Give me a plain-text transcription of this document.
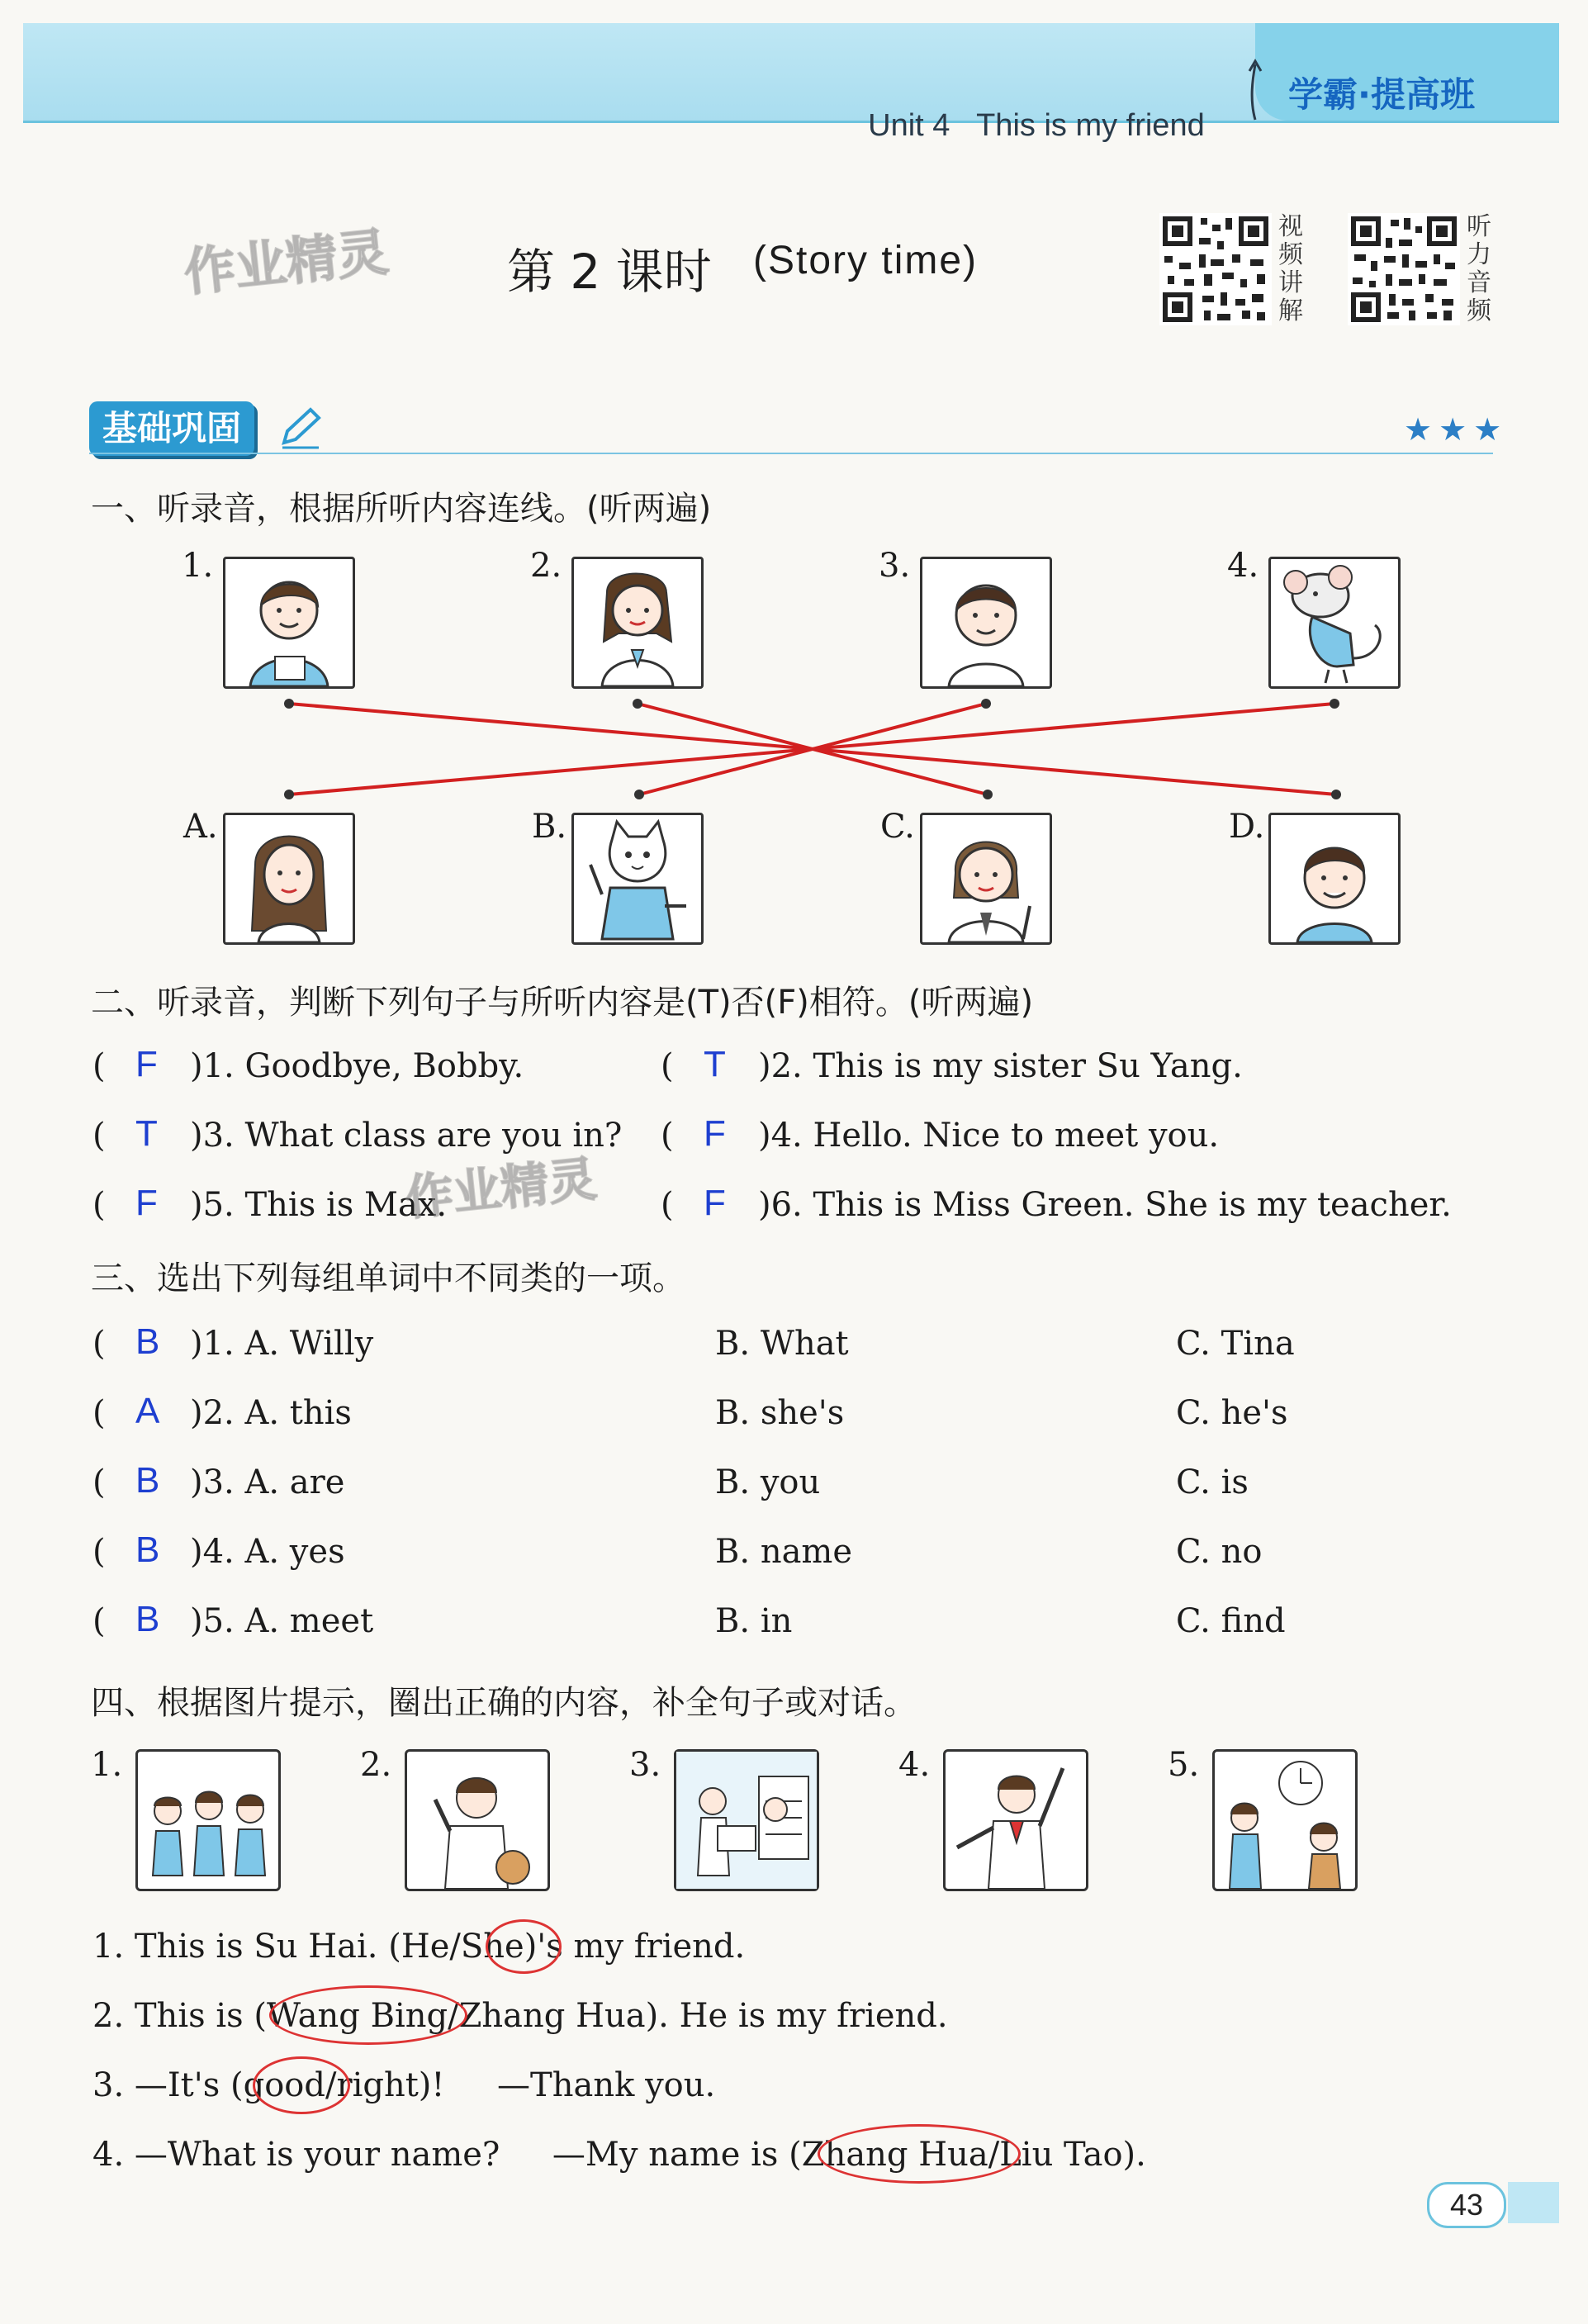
Unit 4 This is my friend

学霸·提高班
作业精灵 第 2 课时 (Story time)
视频讲解
听力音频
基础巩固	★★★
一、听录音，根据所听内容连线。(听两遍)
1.	2.	3.	4.
A.	B.	C.	D.
二、听录音，判断下列句子与所听内容是(T)否(F)相符。(听两遍)
( F )1. Goodbye, Bobby.	( T )2. This is my sister Su Yang.
( T )3. What class are you in? ( F )4. Hello. Nice to meet you.
( F )5. This is Max.	( F )6. This is Miss Green. She is my teacher.
作业精灵
三、选出下列每组单词中不同类的一项。
( B )1. A. Willy	B. What	C. Tina
( A )2. A. this	B. she's	C. he's
( B )3. A. are	B. you	C. is
( B )4. A. yes	B. name	C. no
( B )5. A. meet	B. in	C. find
四、根据图片提示，圈出正确的内容，补全句子或对话。
1.	2.	3.	4.	5.
1. This is Su Hai. (He/She)'s my friend.
2. This is (Wang Bing/Zhang Hua). He is my friend.
3. —It's (good/right)!     —Thank you.
4. —What is your name?     —My name is (Zhang Hua/Liu Tao).
43
